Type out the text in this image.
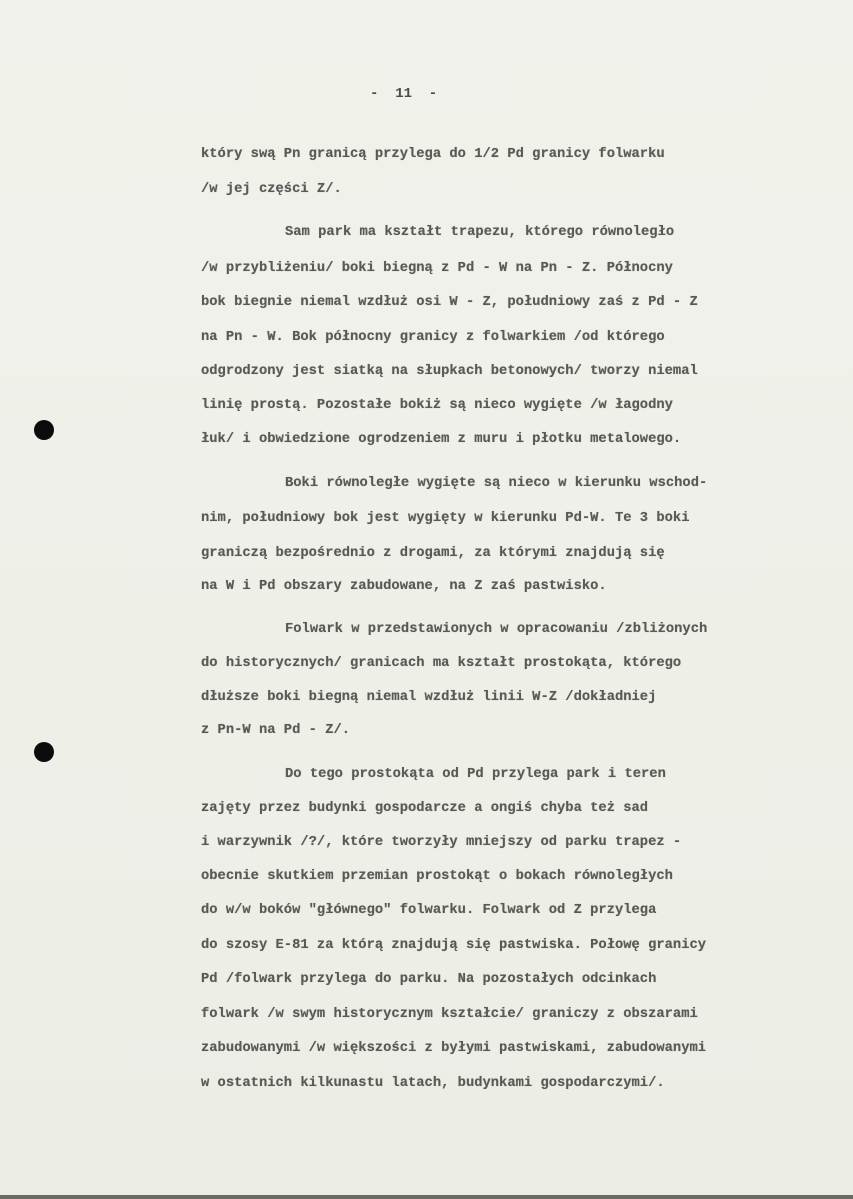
-  11  -
który swą Pn granicą przylega do 1/2 Pd granicy folwarku
/w jej części Z/.
Sam park ma kształt trapezu, którego równoległo
/w przybliżeniu/ boki biegną z Pd - W na Pn - Z. Północny
bok biegnie niemal wzdłuż osi W - Z, południowy zaś z Pd - Z
na Pn - W. Bok północny granicy z folwarkiem /od którego
odgrodzony jest siatką na słupkach betonowych/ tworzy niemal
linię prostą. Pozostałe bokiż są nieco wygięte /w łagodny
łuk/ i obwiedzione ogrodzeniem z muru i płotku metalowego.
Boki równoległe wygięte są nieco w kierunku wschod-
nim, południowy bok jest wygięty w kierunku Pd-W. Te 3 boki
graniczą bezpośrednio z drogami, za którymi znajdują się
na W i Pd obszary zabudowane, na Z zaś pastwisko.
Folwark w przedstawionych w opracowaniu /zbliżonych
do historycznych/ granicach ma kształt prostokąta, którego
dłuższe boki biegną niemal wzdłuż linii W-Z /dokładniej
z Pn-W na Pd - Z/.
Do tego prostokąta od Pd przylega park i teren
zajęty przez budynki gospodarcze a ongiś chyba też sad
i warzywnik /?/, które tworzyły mniejszy od parku trapez -
obecnie skutkiem przemian prostokąt o bokach równoległych
do w/w boków "głównego" folwarku. Folwark od Z przylega
do szosy E-81 za którą znajdują się pastwiska. Połowę granicy
Pd /folwark przylega do parku. Na pozostałych odcinkach
folwark /w swym historycznym kształcie/ graniczy z obszarami
zabudowanymi /w większości z byłymi pastwiskami, zabudowanymi
w ostatnich kilkunastu latach, budynkami gospodarczymi/.
